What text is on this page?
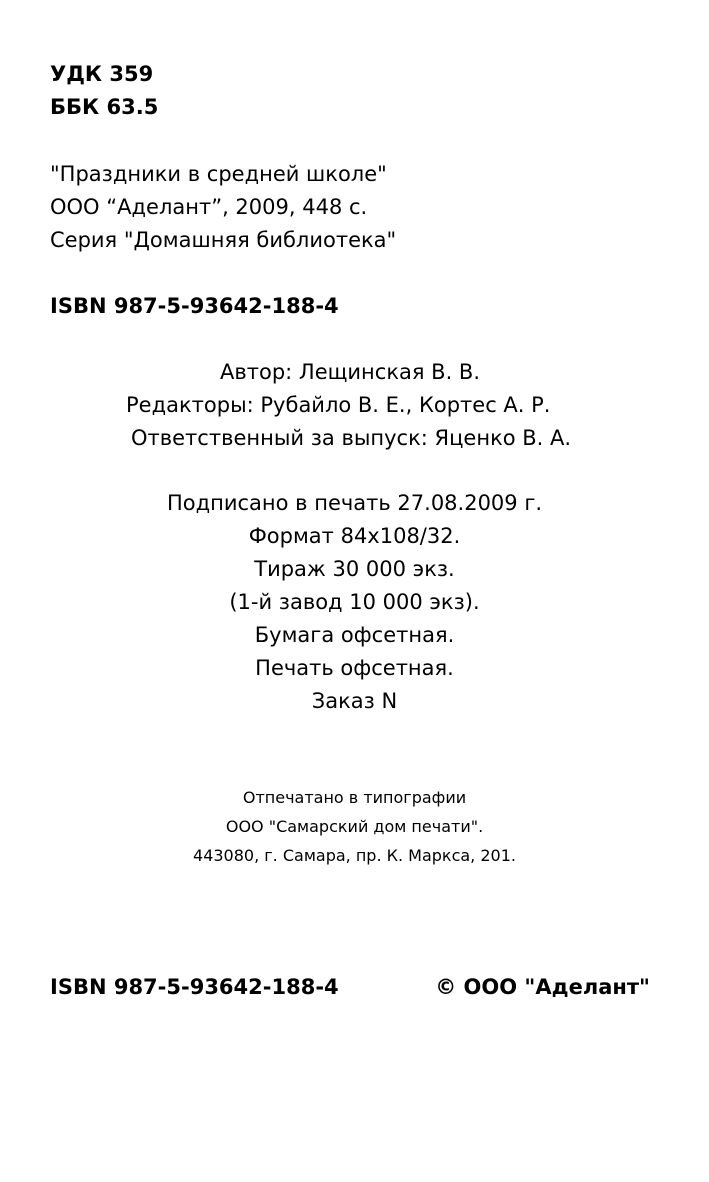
УДК 359
ББК 63.5
"Праздники в средней школе"
ООО “Аделант”, 2009, 448 с.
Серия "Домашняя библиотека"
ISBN 987-5-93642-188-4
Автор: Лещинская В. В.
Редакторы: Рубайло В. Е., Кортес А. Р.
Ответственный за выпуск: Яценко В. А.
Подписано в печать 27.08.2009 г.
Формат 84x108/32.
Тираж 30 000 экз.
(1-й завод 10 000 экз).
Бумага офсетная.
Печать офсетная.
Заказ N
Отпечатано в типографии
ООО "Самарский дом печати".
443080, г. Самара, пр. К. Маркса, 201.
ISBN 987-5-93642-188-4	© ООО "Аделант"
